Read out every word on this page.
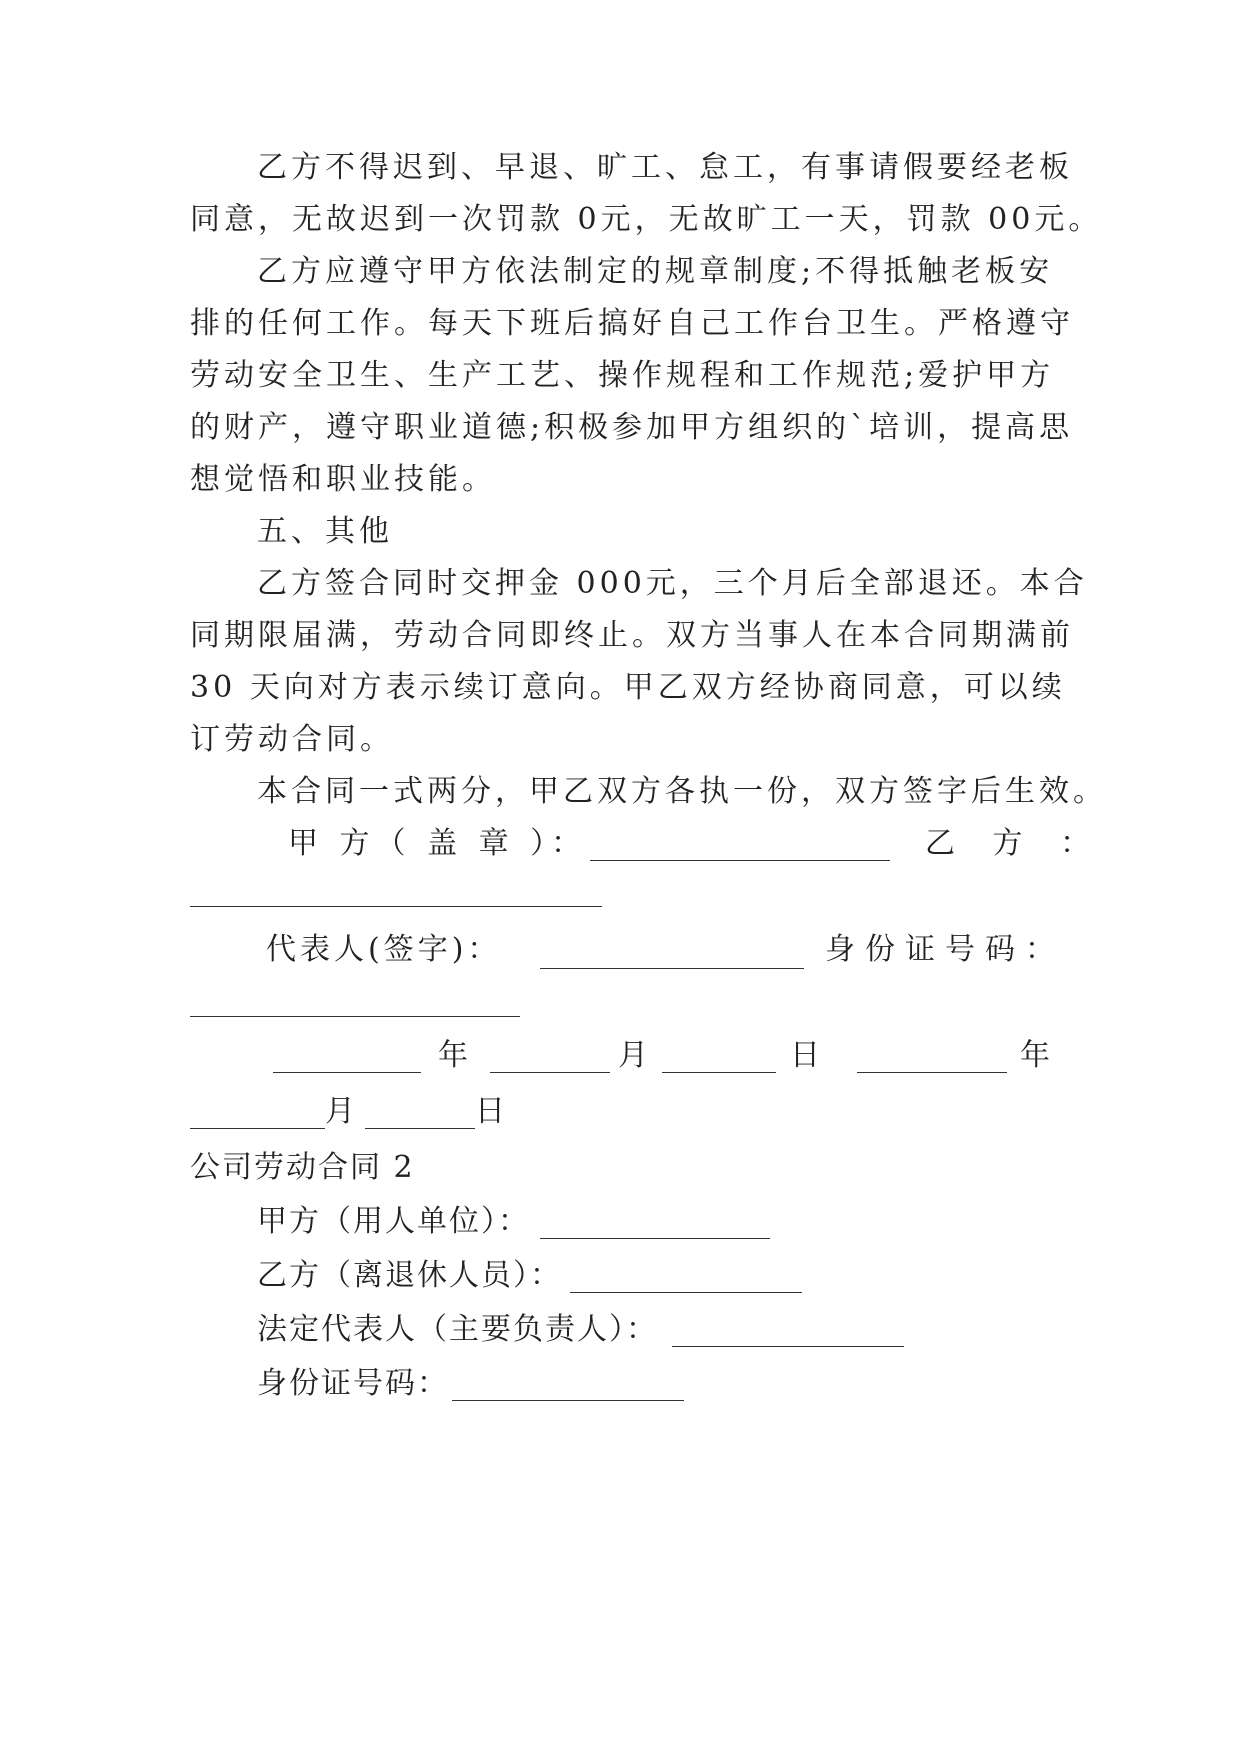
乙方不得迟到、早退、旷工、怠工，有事请假要经老板
同意，无故迟到一次罚款 0元，无故旷工一天，罚款 00元。
乙方应遵守甲方依法制定的规章制度;不得抵触老板安
排的任何工作。每天下班后搞好自己工作台卫生。严格遵守
劳动安全卫生、生产工艺、操作规程和工作规范;爱护甲方
的财产，遵守职业道德;积极参加甲方组织的`培训，提高思
想觉悟和职业技能。
五、其他
乙方签合同时交押金 000元，三个月后全部退还。本合
同期限届满，劳动合同即终止。双方当事人在本合同期满前
30 天向对方表示续订意向。甲乙双方经协商同意，可以续
订劳动合同。
本合同一式两分，甲乙双方各执一份，双方签字后生效。
甲 方（ 盖 章 ）：	乙 方 ：
代表人(签字)：	身份证号码：
年	月	日	年
月	日
公司劳动合同 2
甲方（用人单位）：
乙方（离退休人员）：
法定代表人（主要负责人）：
身份证号码：
